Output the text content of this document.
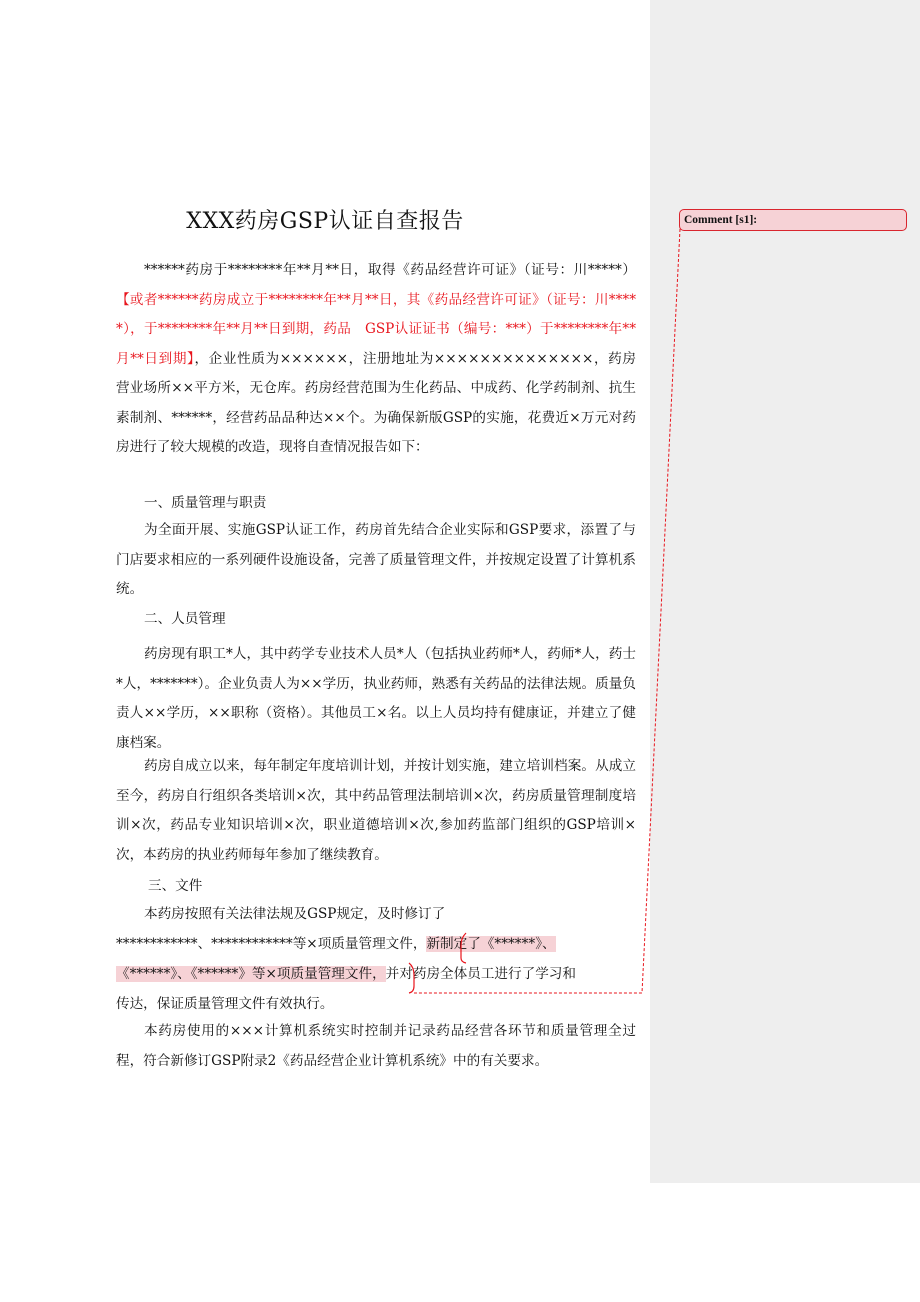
XXX药房GSP认证自查报告

******药房于********年**月**日，取得《药品经营许可证》（证号：川*****）【或者******药房成立于********年**月**日，其《药品经营许可证》（证号：川*****），于********年**月**日到期，药品　GSP认证证书（编号：***）于********年**月**日到期】，企业性质为××××××，注册地址为××××××××××××××，药房营业场所××平方米，无仓库。药房经营范围为生化药品、中成药、化学药制剂、抗生素制剂、******，经营药品品种达××个。为确保新版GSP的实施，花费近×万元对药房进行了较大规模的改造，现将自查情况报告如下：

一、质量管理与职责

为全面开展、实施GSP认证工作，药房首先结合企业实际和GSP要求，添置了与门店要求相应的一系列硬件设施设备，完善了质量管理文件，并按规定设置了计算机系统。

二、人员管理

药房现有职工*人，其中药学专业技术人员*人（包括执业药师*人，药师*人，药士*人，*******）。企业负责人为××学历，执业药师，熟悉有关药品的法律法规。质量负责人××学历，××职称（资格）。其他员工×名。以上人员均持有健康证，并建立了健康档案。

药房自成立以来，每年制定年度培训计划，并按计划实施，建立培训档案。从成立至今，药房自行组织各类培训×次，其中药品管理法制培训×次，药房质量管理制度培训×次，药品专业知识培训×次，职业道德培训×次,参加药监部门组织的GSP培训×次，本药房的执业药师每年参加了继续教育。

三、文件

本药房按照有关法律法规及GSP规定，及时修订了

************、************等×项质量管理文件，新制定了《******》、

《******》、《******》等×项质量管理文件，并对药房全体员工进行了学习和

传达，保证质量管理文件有效执行。

本药房使用的×××计算机系统实时控制并记录药品经营各环节和质量管理全过程，符合新修订GSP附录2《药品经营企业计算机系统》中的有关要求。

Comment [s1]:
